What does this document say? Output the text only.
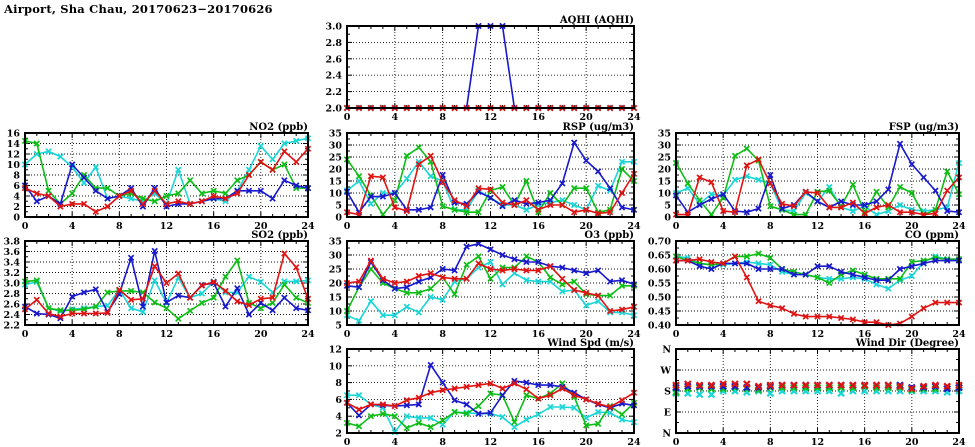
Airport, Sha Chau, 20170623−20170626
2.0
2.2
2.4
2.6
2.8
3.0
0	4	8	12	16	20	24
AQHI (AQHI)
0
2
4
6
8
10
12
14
16
0	4	8	12	16	20	24
NO2 (ppb)
0
5
10
15
20
25
30
35
0	4	8	12	16	20	24
RSP (ug/m3)
0
5
10
15
20
25
30
35
0	4	8	12	16	20	24
FSP (ug/m3)
2.2
2.4
2.6
2.8
3.0
3.2
3.4
3.6
3.8
0	4	8	12	16	20	24
SO2 (ppb)
5
10
15
20
25
30
35
0	4	8	12	16	20	24
O3 (ppb)
0.40
0.45
0.50
0.55
0.60
0.65
0.70
0	4	8	12	16	20	24
CO (ppm)
2
4
6
8
10
12
0	4	8	12	16	20	24
Wind Spd (m/s)
N
E
S
W
N
0	4	8	12	16	20	24
Wind Dir (Degree)
